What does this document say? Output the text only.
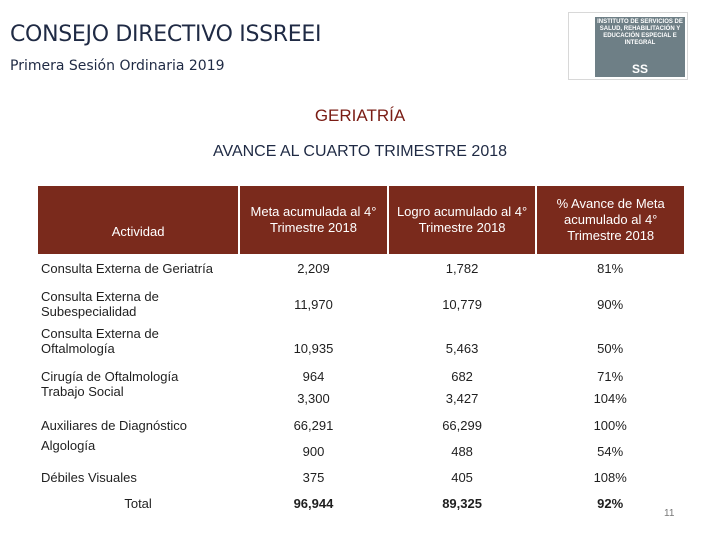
CONSEJO DIRECTIVO ISSREEI
Primera Sesión Ordinaria 2019
INSTITUTO DE SERVICIOS DE SALUD, REHABILITACIÓN Y EDUCACIÓN ESPECIAL E INTEGRAL
SS
GERIATRÍA
AVANCE AL CUARTO TRIMESTRE 2018
Actividad	Meta acumulada al 4° Trimestre 2018	Logro acumulado al 4° Trimestre 2018	% Avance de Meta acumulado al 4° Trimestre 2018
Consulta Externa de Geriatría	2,209	1,782	81%
Consulta Externa de Subespecialidad	11,970	10,779	90%
Consulta Externa de Oftalmología	10,935	5,463	50%
Cirugía de Oftalmología	964	682	71%
Trabajo Social	3,300	3,427	104%
Auxiliares de Diagnóstico	66,291	66,299	100%
Algología	900	488	54%
Débiles Visuales	375	405	108%
Total	96,944	89,325	92%
11
